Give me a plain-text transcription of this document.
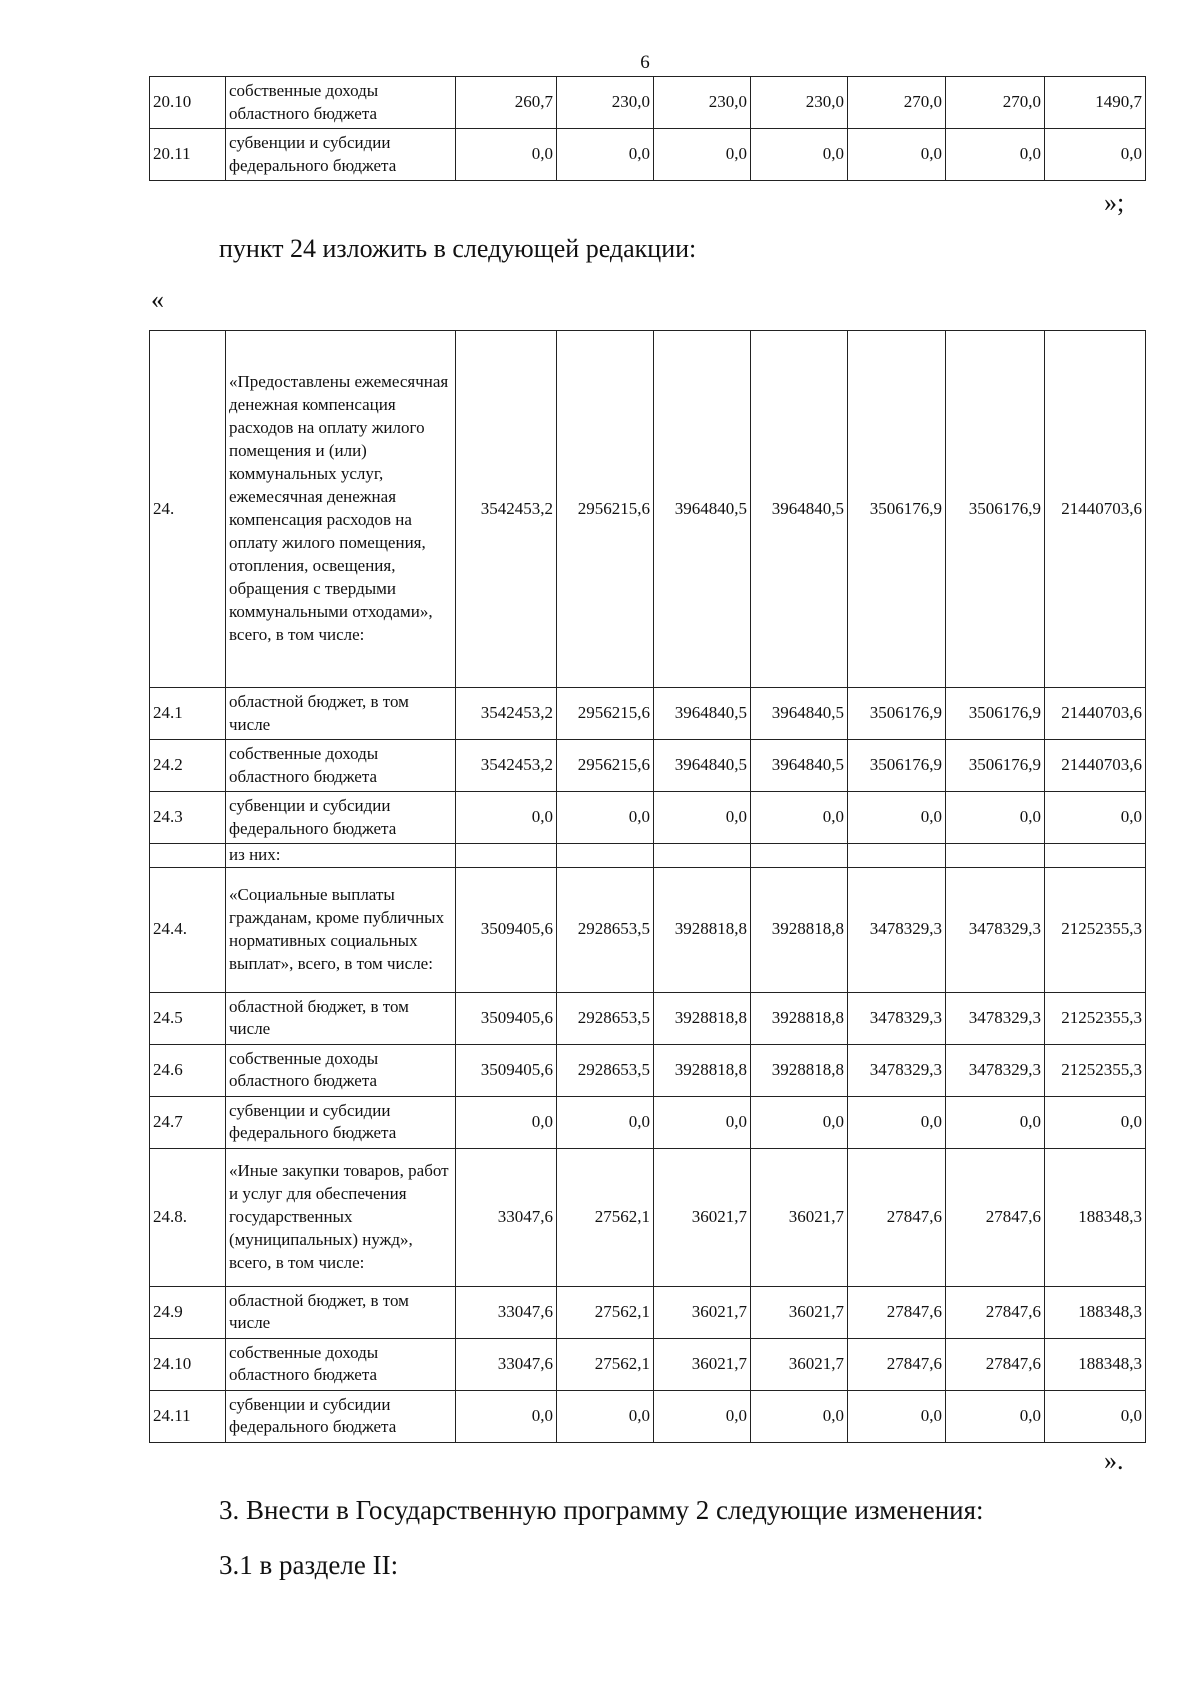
6
20.10	собственные доходы областного бюджета	260,7	230,0	230,0	230,0	270,0	270,0	1490,7
20.11	субвенции и субсидии федерального бюджета	0,0	0,0	0,0	0,0	0,0	0,0	0,0
»;
пункт 24 изложить в следующей редакции:
«
24.	«Предоставлены ежемесячная денежная компенсация расходов на оплату жилого помещения и (или) коммунальных услуг, ежемесячная денежная компенсация расходов на оплату жилого помещения, отопления, освещения, обращения с твердыми коммунальными отходами», всего, в том числе:	3542453,2	2956215,6	3964840,5	3964840,5	3506176,9	3506176,9	21440703,6
24.1	областной бюджет, в том числе	3542453,2	2956215,6	3964840,5	3964840,5	3506176,9	3506176,9	21440703,6
24.2	собственные доходы областного бюджета	3542453,2	2956215,6	3964840,5	3964840,5	3506176,9	3506176,9	21440703,6
24.3	субвенции и субсидии федерального бюджета	0,0	0,0	0,0	0,0	0,0	0,0	0,0
	из них:							
24.4.	«Социальные выплаты гражданам, кроме публичных нормативных социальных выплат», всего, в том числе:	3509405,6	2928653,5	3928818,8	3928818,8	3478329,3	3478329,3	21252355,3
24.5	областной бюджет, в том числе	3509405,6	2928653,5	3928818,8	3928818,8	3478329,3	3478329,3	21252355,3
24.6	собственные доходы областного бюджета	3509405,6	2928653,5	3928818,8	3928818,8	3478329,3	3478329,3	21252355,3
24.7	субвенции и субсидии федерального бюджета	0,0	0,0	0,0	0,0	0,0	0,0	0,0
24.8.	«Иные закупки товаров, работ и услуг для обеспечения государственных (муниципальных) нужд», всего, в том числе:	33047,6	27562,1	36021,7	36021,7	27847,6	27847,6	188348,3
24.9	областной бюджет, в том числе	33047,6	27562,1	36021,7	36021,7	27847,6	27847,6	188348,3
24.10	собственные доходы областного бюджета	33047,6	27562,1	36021,7	36021,7	27847,6	27847,6	188348,3
24.11	субвенции и субсидии федерального бюджета	0,0	0,0	0,0	0,0	0,0	0,0	0,0
».
3. Внести в Государственную программу 2 следующие изменения:
3.1 в разделе II:
